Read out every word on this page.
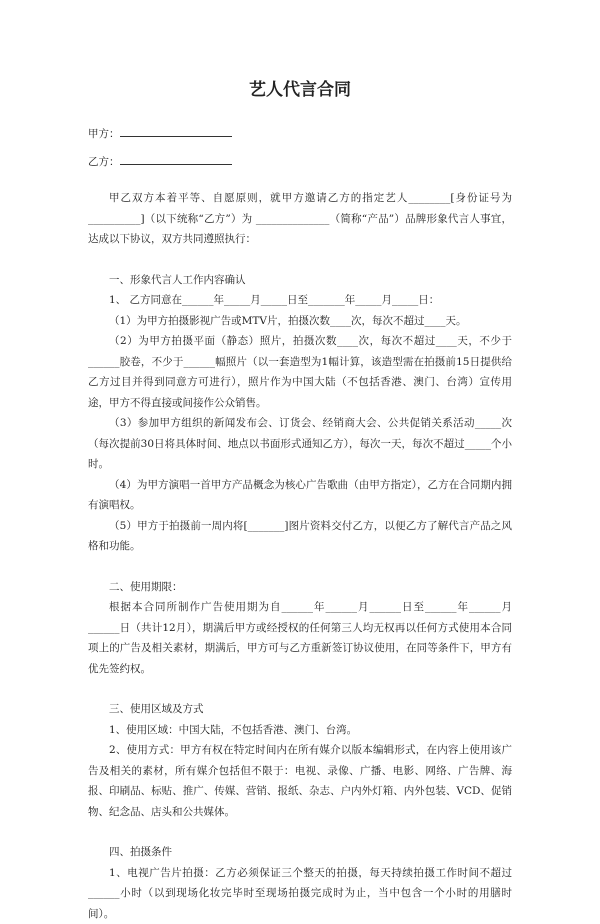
艺人代言合同

甲方：

乙方：

甲乙双方本着平等、自愿原则，就甲方邀请乙方的指定艺人________[身份证号为__________]（以下统称“乙方”）为 ______________（简称“产品”）品牌形象代言人事宜，达成以下协议，双方共同遵照执行：

一、形象代言人工作内容确认

1、 乙方同意在______年_____月_____日至_______年_____月_____日：

（1）为甲方拍摄影视广告或MTV片，拍摄次数____次，每次不超过____天。

（2）为甲方拍摄平面（静态）照片，拍摄次数____次，每次不超过____天，不少于______胶卷，不少于______幅照片（以一套造型为1幅计算，该造型需在拍摄前15日提供给乙方过目并得到同意方可进行），照片作为中国大陆（不包括香港、澳门、台湾）宣传用途，甲方不得直接或间接作公众销售。

（3）参加甲方组织的新闻发布会、订货会、经销商大会、公共促销关系活动_____次（每次提前30日将具体时间、地点以书面形式通知乙方），每次一天，每次不超过_____个小时。

（4）为甲方演唱一首甲方产品概念为核心广告歌曲（由甲方指定），乙方在合同期内拥有演唱权。

（5）甲方于拍摄前一周内将[_______]图片资料交付乙方，以便乙方了解代言产品之风格和功能。

二、使用期限：

根据本合同所制作广告使用期为自______年______月______日至______年______月______日（共计12月），期满后甲方或经授权的任何第三人均无权再以任何方式使用本合同项上的广告及相关素材，期满后，甲方可与乙方重新签订协议使用，在同等条件下，甲方有优先签约权。

三、使用区域及方式

1、使用区域：中国大陆，不包括香港、澳门、台湾。

2、使用方式：甲方有权在特定时间内在所有媒介以版本编辑形式，在内容上使用该广告及相关的素材，所有媒介包括但不限于：电视、录像、广播、电影、网络、广告牌、海报、印刷品、标贴、推广、传媒、营销、报纸、杂志、户内外灯箱、内外包装、VCD、促销物、纪念品、店头和公共媒体。

四、拍摄条件

1、电视广告片拍摄：乙方必须保证三个整天的拍摄，每天持续拍摄工作时间不超过______小时（以到现场化妆完毕时至现场拍摄完成时为止，当中包含一个小时的用膳时间）。
